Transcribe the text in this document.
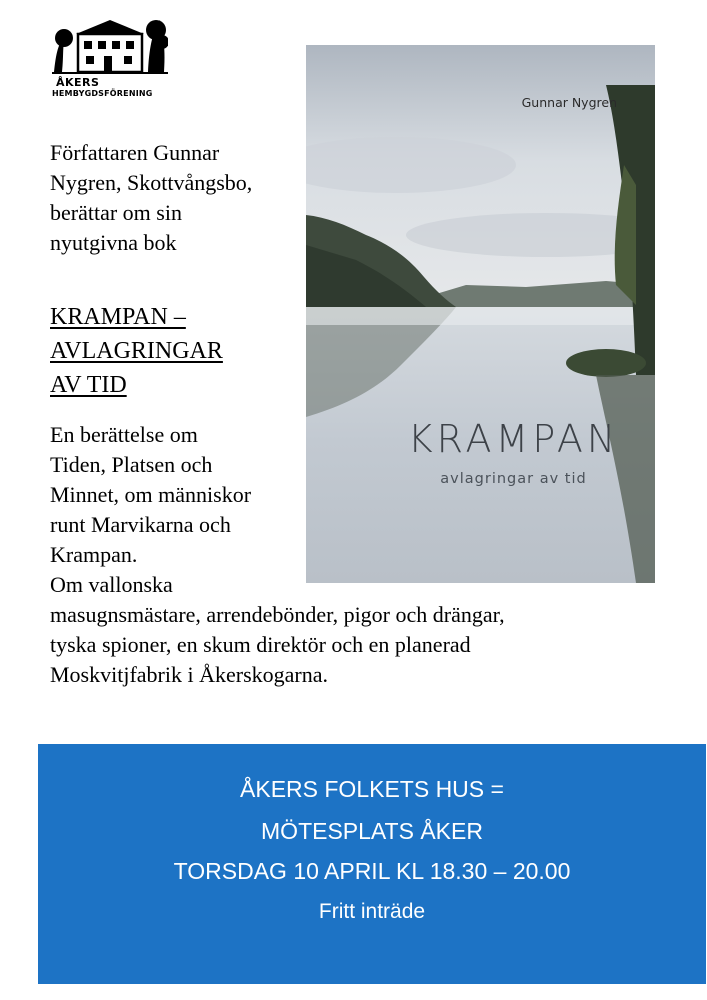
ÅKERS
HEMBYGDSFÖRENING

Författaren Gunnar
Nygren, Skottvångsbo,
berättar om sin
nyutgivna bok

KRAMPAN –
AVLAGRINGAR
AV TID

En berättelse om
Tiden, Platsen och
Minnet, om människor
runt Marvikarna och
Krampan.
Om vallonska
masugnsmästare, arrendebönder, pigor och drängar,
tyska spioner, en skum direktör och en planerad
Moskvitjfabrik i Åkerskogarna.

Gunnar Nygren
KRAMPAN
avlagringar av tid
ÅKERS FOLKETS HUS =
MÖTESPLATS ÅKER
TORSDAG 10 APRIL KL 18.30 – 20.00
Fritt inträde
